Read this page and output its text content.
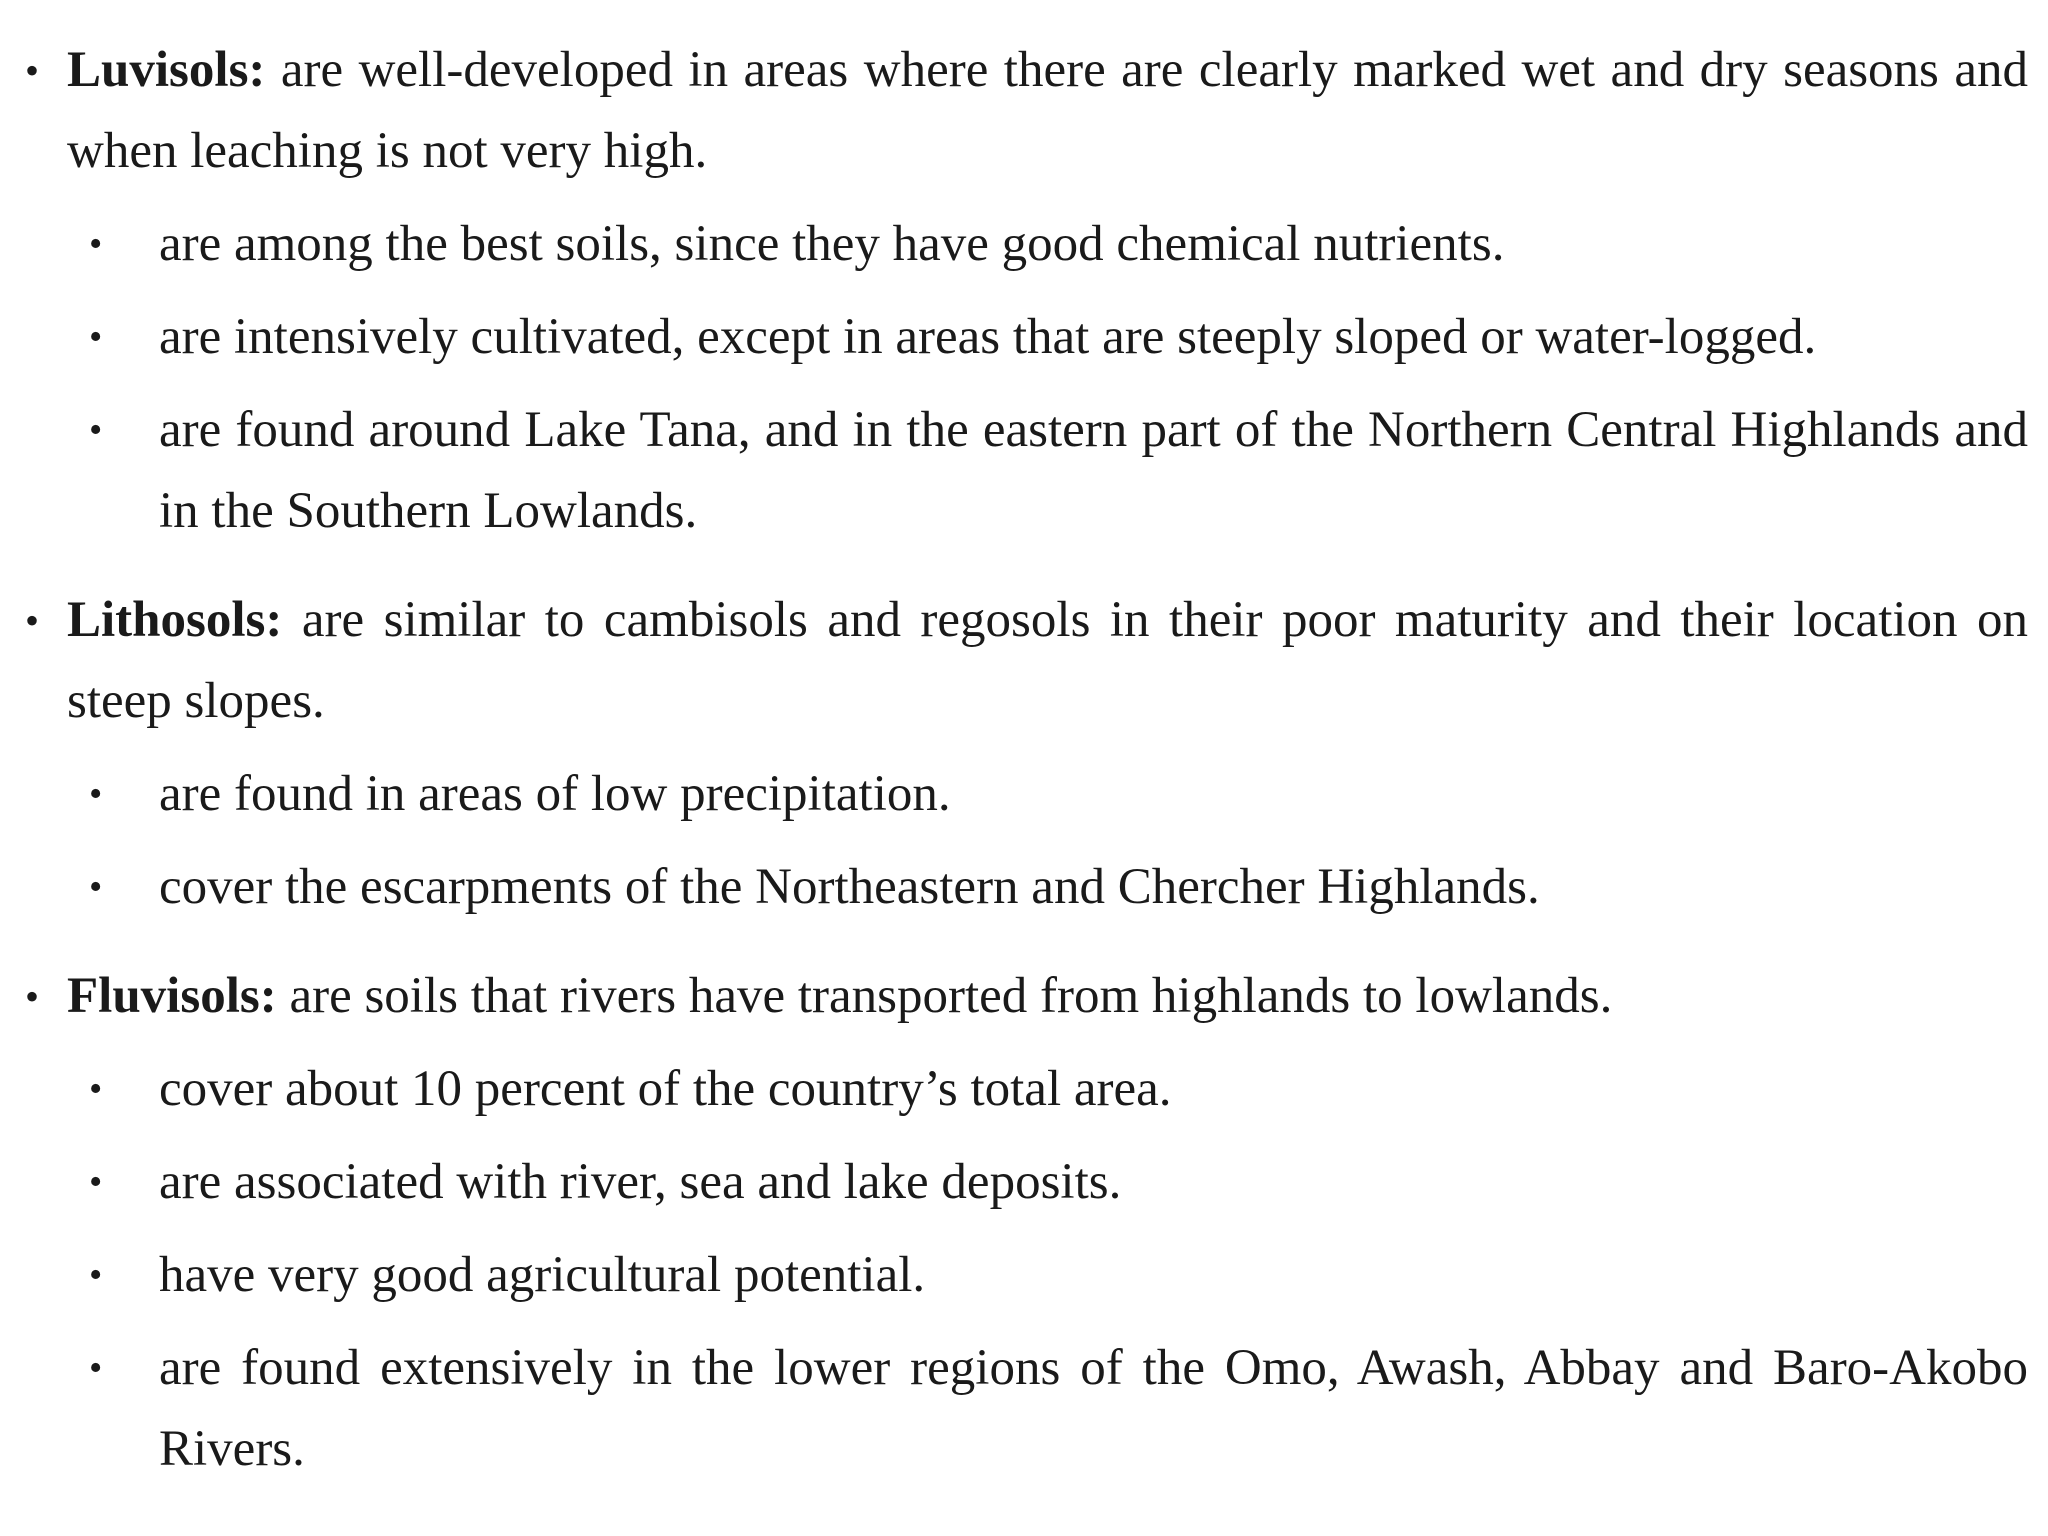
• Luvisols: are well-developed in areas where there are clearly marked wet and dry seasons and when leaching is not very high.

• are among the best soils, since they have good chemical nutrients.

• are intensively cultivated, except in areas that are steeply sloped or water-logged.

• are found around Lake Tana, and in the eastern part of the Northern Central Highlands and in the Southern Lowlands.

• Lithosols: are similar to cambisols and regosols in their poor maturity and their location on steep slopes.

• are found in areas of low precipitation.

• cover the escarpments of the Northeastern and Chercher Highlands.

• Fluvisols: are soils that rivers have transported from highlands to lowlands.

• cover about 10 percent of the country’s total area.

• are associated with river, sea and lake deposits.

• have very good agricultural potential.

• are found extensively in the lower regions of the Omo, Awash, Abbay and Baro-Akobo Rivers.
